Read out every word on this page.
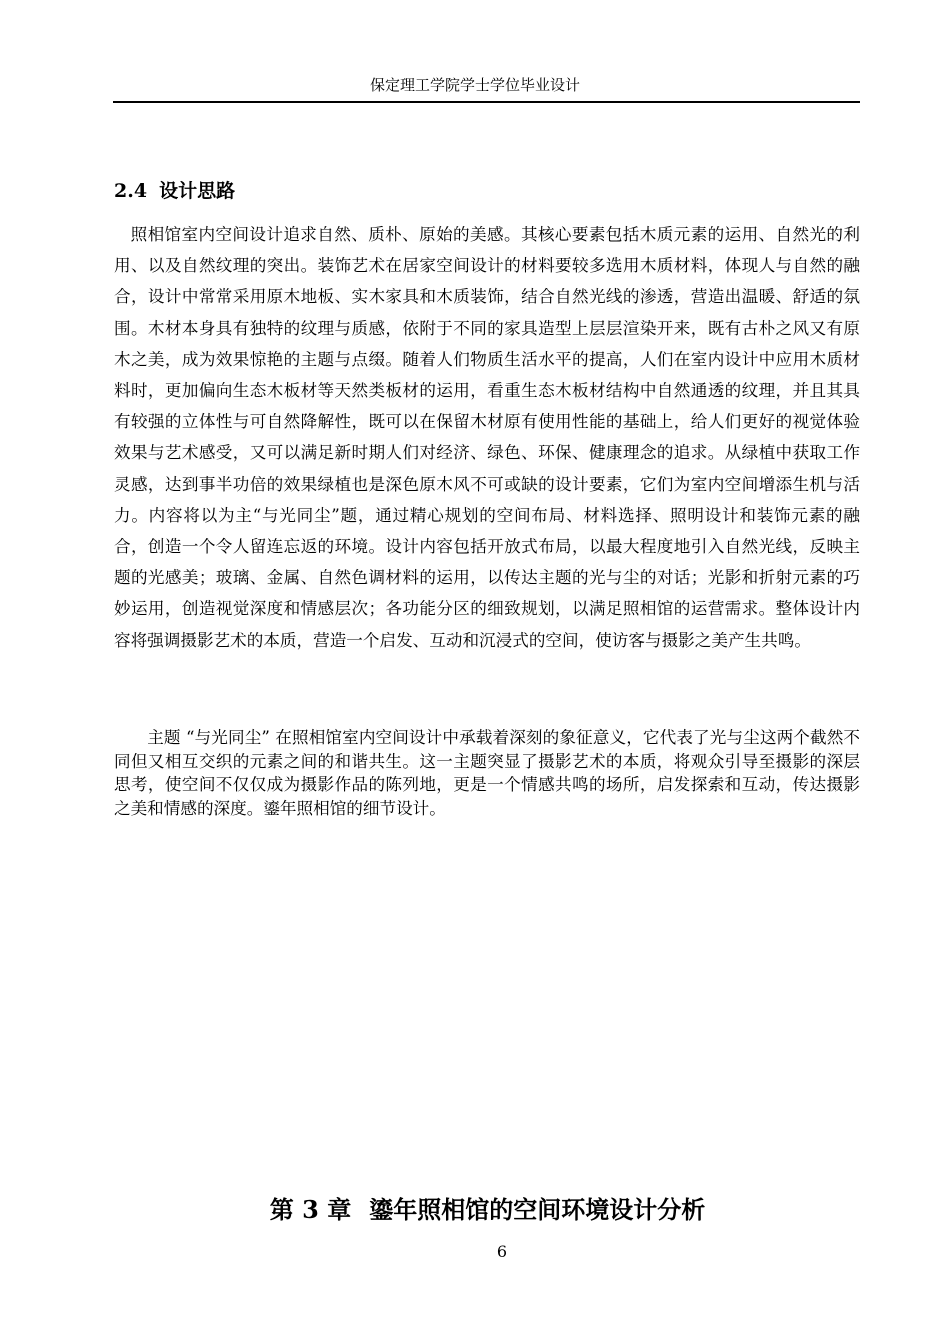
保定理工学院学士学位毕业设计
2.4 设计思路

照相馆室内空间设计追求自然、质朴、原始的美感。其核心要素包括木质元素的运用、自然光的利用、以及自然纹理的突出。装饰艺术在居家空间设计的材料要较多选用木质材料，体现人与自然的融合，设计中常常采用原木地板、实木家具和木质装饰，结合自然光线的渗透，营造出温暖、舒适的氛围。木材本身具有独特的纹理与质感，依附于不同的家具造型上层层渲染开来，既有古朴之风又有原木之美，成为效果惊艳的主题与点缀。随着人们物质生活水平的提高，人们在室内设计中应用木质材料时，更加偏向生态木板材等天然类板材的运用，看重生态木板材结构中自然通透的纹理，并且其具有较强的立体性与可自然降解性，既可以在保留木材原有使用性能的基础上，给人们更好的视觉体验效果与艺术感受，又可以满足新时期人们对经济、绿色、环保、健康理念的追求。从绿植中获取工作灵感，达到事半功倍的效果绿植也是深色原木风不可或缺的设计要素，它们为室内空间增添生机与活力。内容将以为主“与光同尘”题，通过精心规划的空间布局、材料选择、照明设计和装饰元素的融合，创造一个令人留连忘返的环境。设计内容包括开放式布局，以最大程度地引入自然光线，反映主题的光感美；玻璃、金属、自然色调材料的运用，以传达主题的光与尘的对话；光影和折射元素的巧妙运用，创造视觉深度和情感层次；各功能分区的细致规划，以满足照相馆的运营需求。整体设计内容将强调摄影艺术的本质，营造一个启发、互动和沉浸式的空间，使访客与摄影之美产生共鸣。

主题 “与光同尘” 在照相馆室内空间设计中承载着深刻的象征意义，它代表了光与尘这两个截然不同但又相互交织的元素之间的和谐共生。这一主题突显了摄影艺术的本质，将观众引导至摄影的深层思考，使空间不仅仅成为摄影作品的陈列地，更是一个情感共鸣的场所，启发探索和互动，传达摄影之美和情感的深度。鎏年照相馆的细节设计。

第 3 章 鎏年照相馆的空间环境设计分析
6
